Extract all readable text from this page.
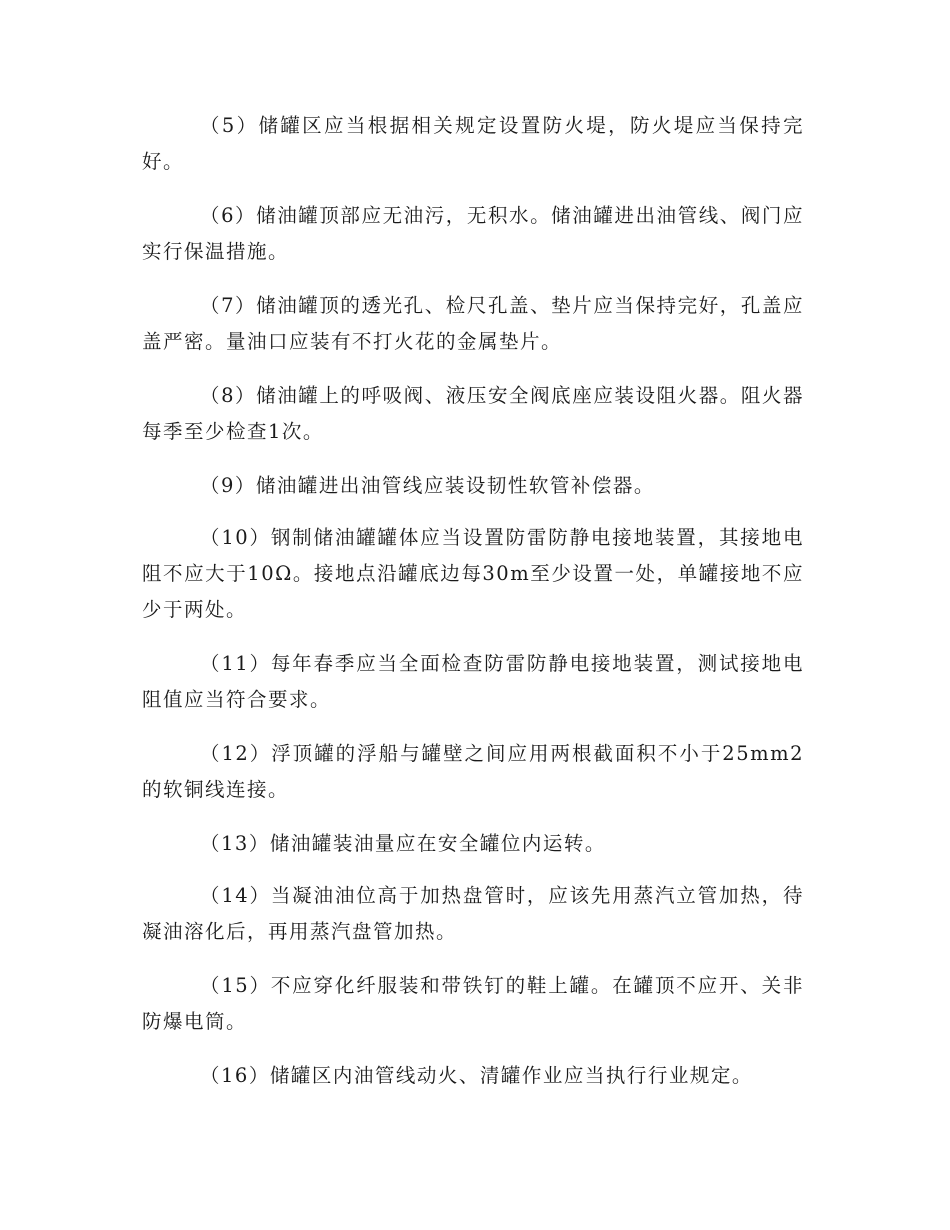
（5）储罐区应当根据相关规定设置防火堤，防火堤应当保持完好。

（6）储油罐顶部应无油污，无积水。储油罐进出油管线、阀门应实行保温措施。

（7）储油罐顶的透光孔、检尺孔盖、垫片应当保持完好，孔盖应盖严密。量油口应装有不打火花的金属垫片。

（8）储油罐上的呼吸阀、液压安全阀底座应装设阻火器。阻火器每季至少检查1次。

（9）储油罐进出油管线应装设韧性软管补偿器。

（10）钢制储油罐罐体应当设置防雷防静电接地装置，其接地电阻不应大于10Ω。接地点沿罐底边每30m至少设置一处，单罐接地不应少于两处。

（11）每年春季应当全面检查防雷防静电接地装置，测试接地电阻值应当符合要求。

（12）浮顶罐的浮船与罐壁之间应用两根截面积不小于25mm2的软铜线连接。

（13）储油罐装油量应在安全罐位内运转。

（14）当凝油油位高于加热盘管时，应该先用蒸汽立管加热，待凝油溶化后，再用蒸汽盘管加热。

（15）不应穿化纤服装和带铁钉的鞋上罐。在罐顶不应开、关非防爆电筒。

（16）储罐区内油管线动火、清罐作业应当执行行业规定。
